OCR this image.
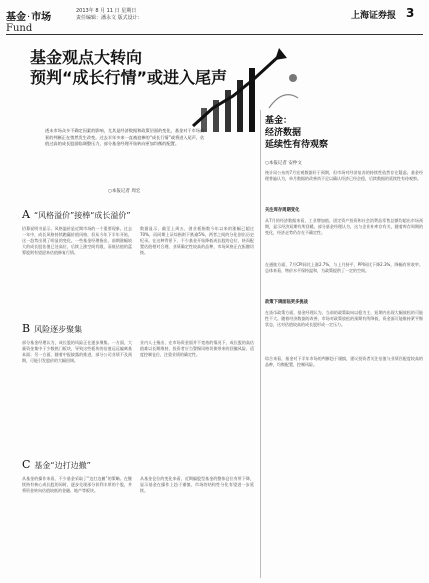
基金·市场
Fund
2013年 8 月 11 日 星期日
责任编辑：潘永文 版式设计：	上海证券报 3
基金观点大转向
预判“成长行情”或进入尾声
透未市场众多不确定因素的影响，尤其是经济数据和政策层面的变化，基金对于市场前景的判断正在悄然发生改变。过去半年多来一直被追捧的“成长行情”或将进入尾声，估值过高的成长股面临调整压力，部分基金经理开始转向更加均衡的配置。
○本报记者 周宏
A “风格溢价”接棒“成长溢价”
招募说明书显示，风格溢价是近期市场的一个重要现象。过去一年中，成长风格持续跑赢价值风格，但从今年下半年开始，这一趋势出现了明显的变化。一些基金经理指出，前期涨幅较大的成长股估值已处高位，后续上涨空间有限，而低估值的蓝筹股则有望迎来估值修复行情。
数据显示，截至上周五，创业板指数今年以来的涨幅已超过70%，而同期上证综指则下跌逾5%，两者之间的分化创出历史纪录。在这种背景下，不少基金开始降低成长股的仓位，转而配置估值相对合理、业绩确定性较高的品种，市场风格正在酝酿切换。
B 风险逐步聚集
部分基金经理认为，成长股的风险正在逐步聚集。一方面，大量资金集中于少数热门板块，导致这些板块的估值远远偏离基本面；另一方面，随着中报披露的推进，部分公司业绩不及预期，可能引发股价的大幅回调。
业内人士指出，在市场资金面并不宽裕的情况下，成长股的高估值难以长期维持，投资者应当警惕风格切换带来的回撤风险，适度控制仓位，注重业绩的确定性。
C 基金“边打边撤”
从基金的操作来看，不少基金采取了“边打边撤”的策略。在继续持有核心成长股的同时，逐步兑现部分获利丰厚的个股，并将资金转向估值较低的金融、地产等板块。
从基金仓位的变化来看，近期偏股型基金的整体仓位有所下降，显示基金在操作上趋于谨慎，市场的结构性分化有望进一步延续。
基金：
经济数据
延续性有待观察
○本报记者 安仲文
统计局公布的7月宏观数据好于预期，但市场对经济复苏的持续性依然存在疑虑。基金经理普遍认为，单月数据的改善尚不足以确认经济已经企稳，后续数据的延续性有待观察。
关注库存周期变化
从7月的经济数据来看，工业增加值、固定资产投资和社会消费品零售总额均超出市场预期，显示经济短期有所回暖。部分基金经理认为，这与企业补库存有关，随着库存周期的变化，经济走势仍存在不确定性。
在通胀方面，7月CPI同比上涨2.7%，与上月持平，PPI同比下降2.3%，降幅有所收窄。总体来看，物价水平保持温和，为政策提供了一定的空间。
政策下调面临更多挑战
在货币政策方面，基金经理认为，当前的政策取向以稳为主，短期内出现大幅放松的可能性不大。随着经济数据的改善，市场对政策放松的预期有所降低，资金面可能维持紧平衡状态，这对估值较高的成长股形成一定压力。
综合来看，基金对下半年市场的判断趋于谨慎，建议投资者关注估值与业绩匹配度较高的品种，均衡配置，控制风险。
